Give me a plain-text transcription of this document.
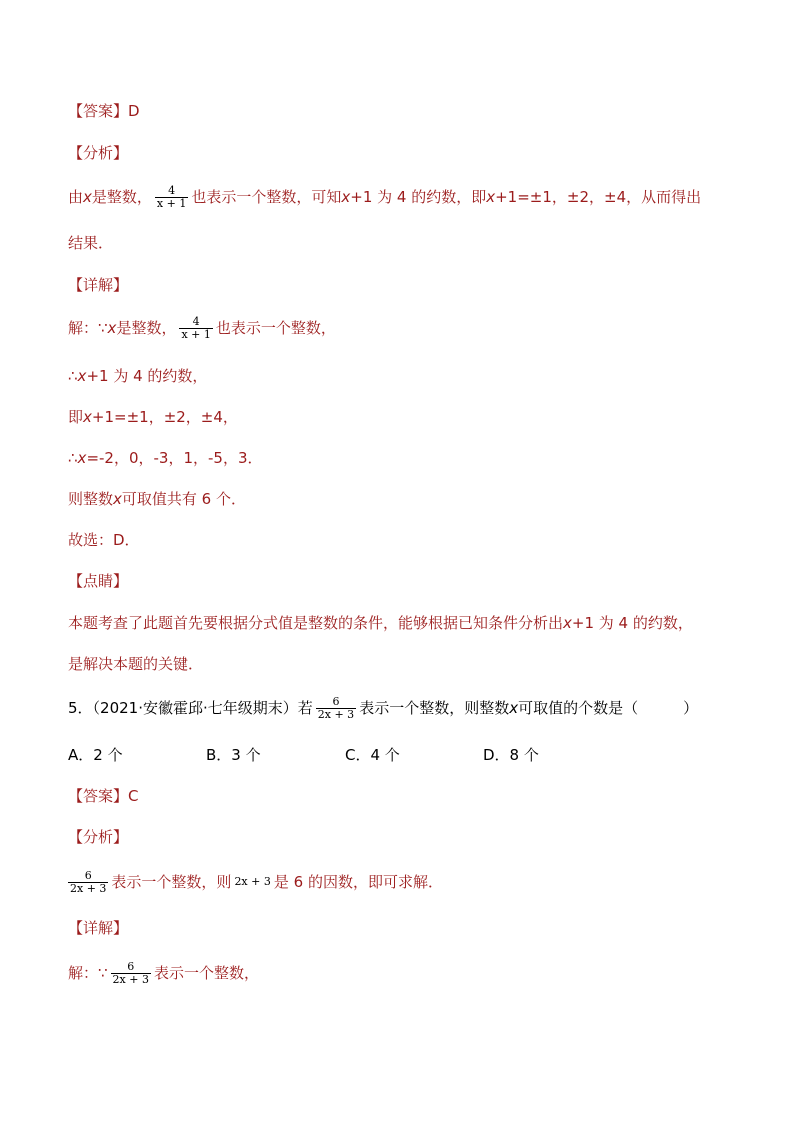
【答案】 D
【分析】
由 x 是整数， $\frac{4}{x + 1}$ 也表示一个整数，可知 x +1 为 4 的约数，即 x +1=±1，±2，±4，从而得出
结果．
【详解】
解：∵ x 是整数， $\frac{4}{x + 1}$ 也表示一个整数，
∴ x +1 为 4 的约数，
即 x +1=±1，±2，±4，
∴ x =-2，0，-3，1，-5，3．
则整数 x 可取值共有 6 个．
故选：D．
【点睛】
本题考查了此题首先要根据分式值是整数的条件，能够根据已知条件分析出 x +1 为 4 的约数，
是解决本题的关键．
5．（2021·安徽霍邱·七年级期末）若 $\frac{6}{2x + 3}$ 表示一个整数，则整数 x 可取值的个数是（　　　）
A．2 个	B．3 个	C．4 个	D．8 个
【答案】 C
【分析】
$\frac{6}{2x + 3}$ 表示一个整数，则 2x + 3 是 6 的因数，即可求解．
【详解】
解：∵ $\frac{6}{2x + 3}$ 表示一个整数，
